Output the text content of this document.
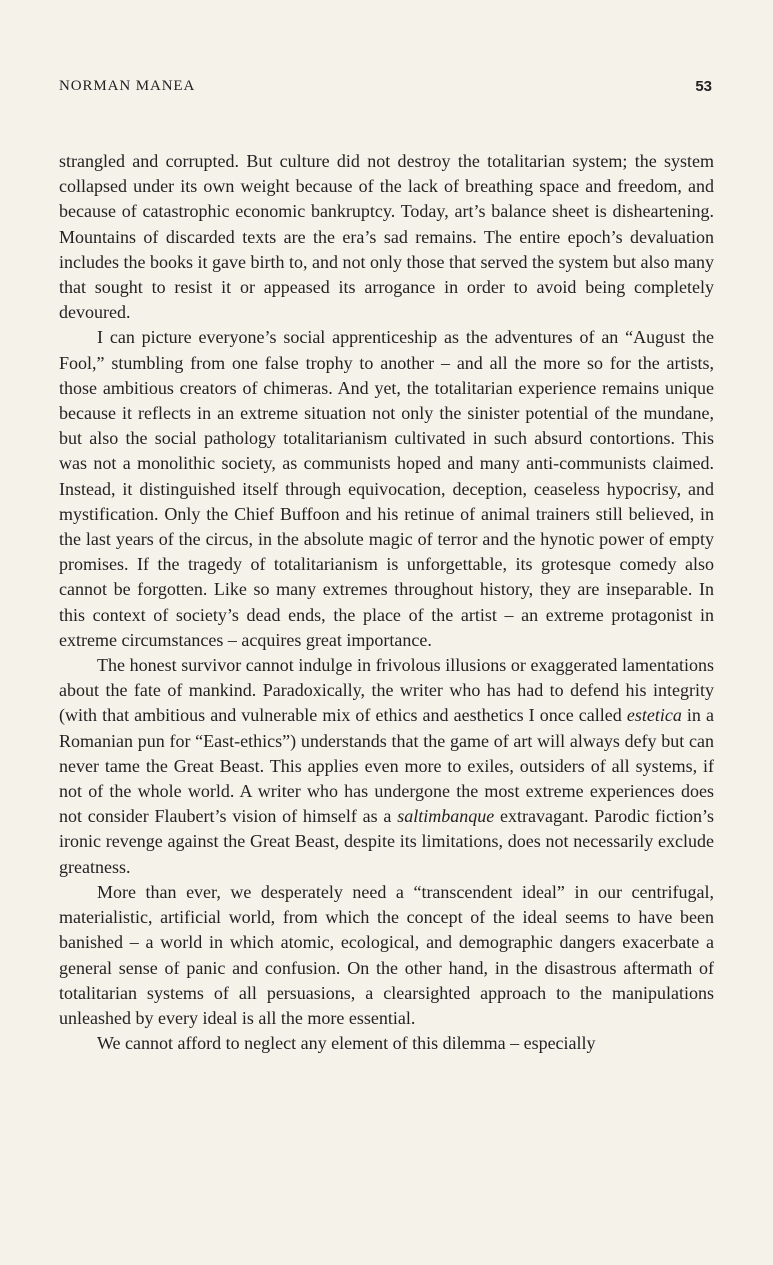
NORMAN MANEA	53

strangled and corrupted. But culture did not destroy the totalitarian system; the system collapsed under its own weight because of the lack of breathing space and freedom, and because of catastrophic economic bankruptcy. Today, art’s balance sheet is disheartening. Mountains of discarded texts are the era’s sad remains. The entire epoch’s devaluation includes the books it gave birth to, and not only those that served the system but also many that sought to resist it or appeased its arrogance in order to avoid being completely devoured.

I can picture everyone’s social apprenticeship as the adventures of an “August the Fool,” stumbling from one false trophy to another – and all the more so for the artists, those ambitious creators of chimeras. And yet, the totalitarian experience remains unique because it reflects in an extreme situation not only the sinister potential of the mundane, but also the social pathology totalitarianism cultivated in such absurd contortions. This was not a monolithic society, as communists hoped and many anti-communists claimed. Instead, it distinguished itself through equivocation, deception, ceaseless hypocrisy, and mystification. Only the Chief Buffoon and his retinue of animal trainers still believed, in the last years of the circus, in the absolute magic of terror and the hynotic power of empty promises. If the tragedy of totalitarianism is unforgettable, its grotesque comedy also cannot be forgotten. Like so many extremes throughout history, they are inseparable. In this context of society’s dead ends, the place of the artist – an extreme protagonist in extreme circumstances – acquires great importance.

The honest survivor cannot indulge in frivolous illusions or exaggerated lamentations about the fate of mankind. Paradoxically, the writer who has had to defend his integrity (with that ambitious and vulnerable mix of ethics and aesthetics I once called estetica in a Romanian pun for “East-ethics”) understands that the game of art will always defy but can never tame the Great Beast. This applies even more to exiles, outsiders of all systems, if not of the whole world. A writer who has undergone the most extreme experiences does not consider Flaubert’s vision of himself as a saltimbanque extravagant. Parodic fiction’s ironic revenge against the Great Beast, despite its limitations, does not necessarily exclude greatness.

More than ever, we desperately need a “transcendent ideal” in our centrifugal, materialistic, artificial world, from which the concept of the ideal seems to have been banished – a world in which atomic, ecological, and demographic dangers exacerbate a general sense of panic and confusion. On the other hand, in the disastrous aftermath of totalitarian systems of all persuasions, a clearsighted approach to the manipulations unleashed by every ideal is all the more essential.

We cannot afford to neglect any element of this dilemma – especially
